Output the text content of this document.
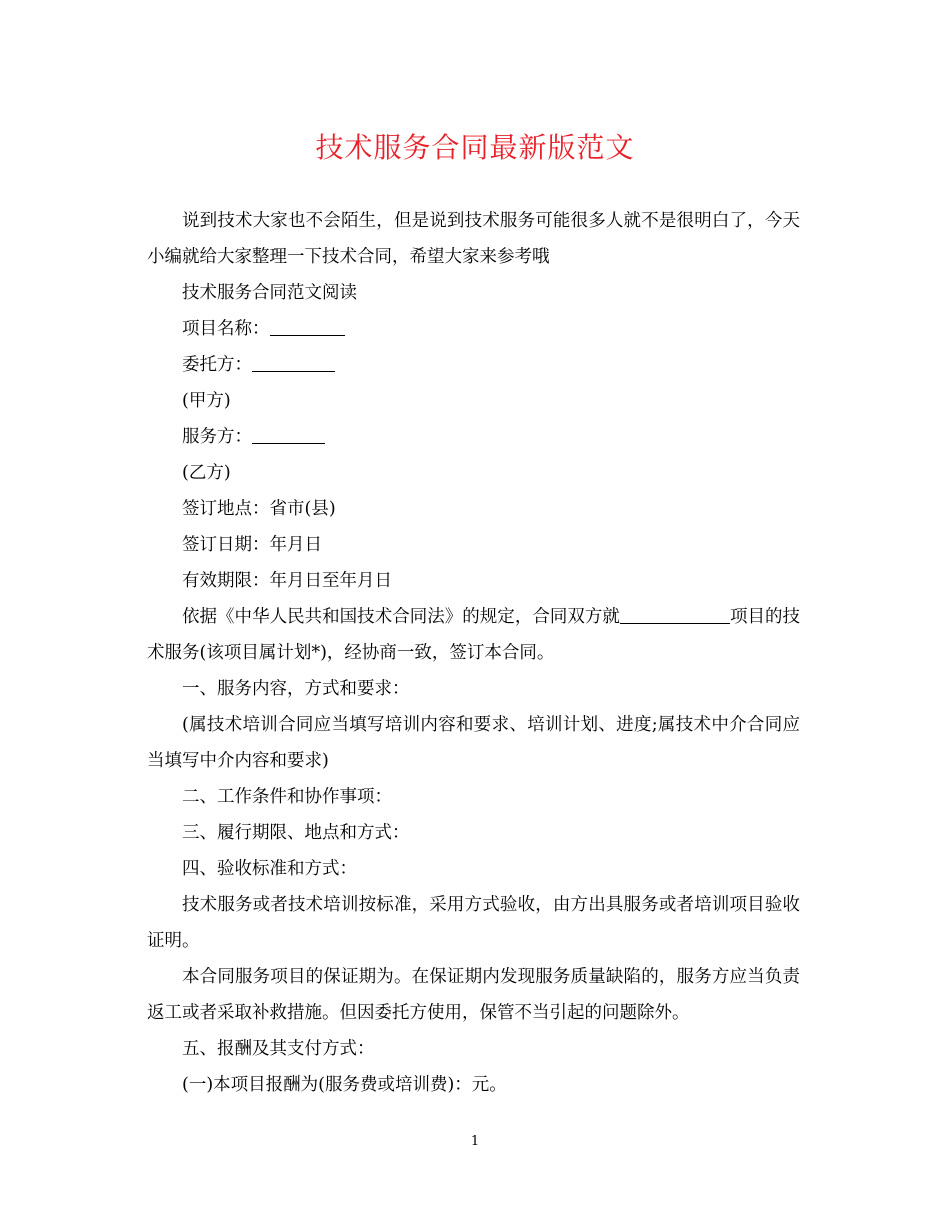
技术服务合同最新版范文

说到技术大家也不会陌生，但是说到技术服务可能很多人就不是很明白了，今天小编就给大家整理一下技术合同，希望大家来参考哦

技术服务合同范文阅读

项目名称：

委托方：

(甲方)

服务方：

(乙方)

签订地点：省市(县)

签订日期：年月日

有效期限：年月日至年月日

依据《中华人民共和国技术合同法》的规定，合同双方就	项目的技术服务(该项目属计划*)，经协商一致，签订本合同。

一、服务内容，方式和要求：

(属技术培训合同应当填写培训内容和要求、培训计划、进度;属技术中介合同应当填写中介内容和要求)

二、工作条件和协作事项：

三、履行期限、地点和方式：

四、验收标准和方式：

技术服务或者技术培训按标准，采用方式验收，由方出具服务或者培训项目验收证明。

本合同服务项目的保证期为。在保证期内发现服务质量缺陷的，服务方应当负责返工或者采取补救措施。但因委托方使用，保管不当引起的问题除外。

五、报酬及其支付方式：

(一)本项目报酬为(服务费或培训费)：元。

1
